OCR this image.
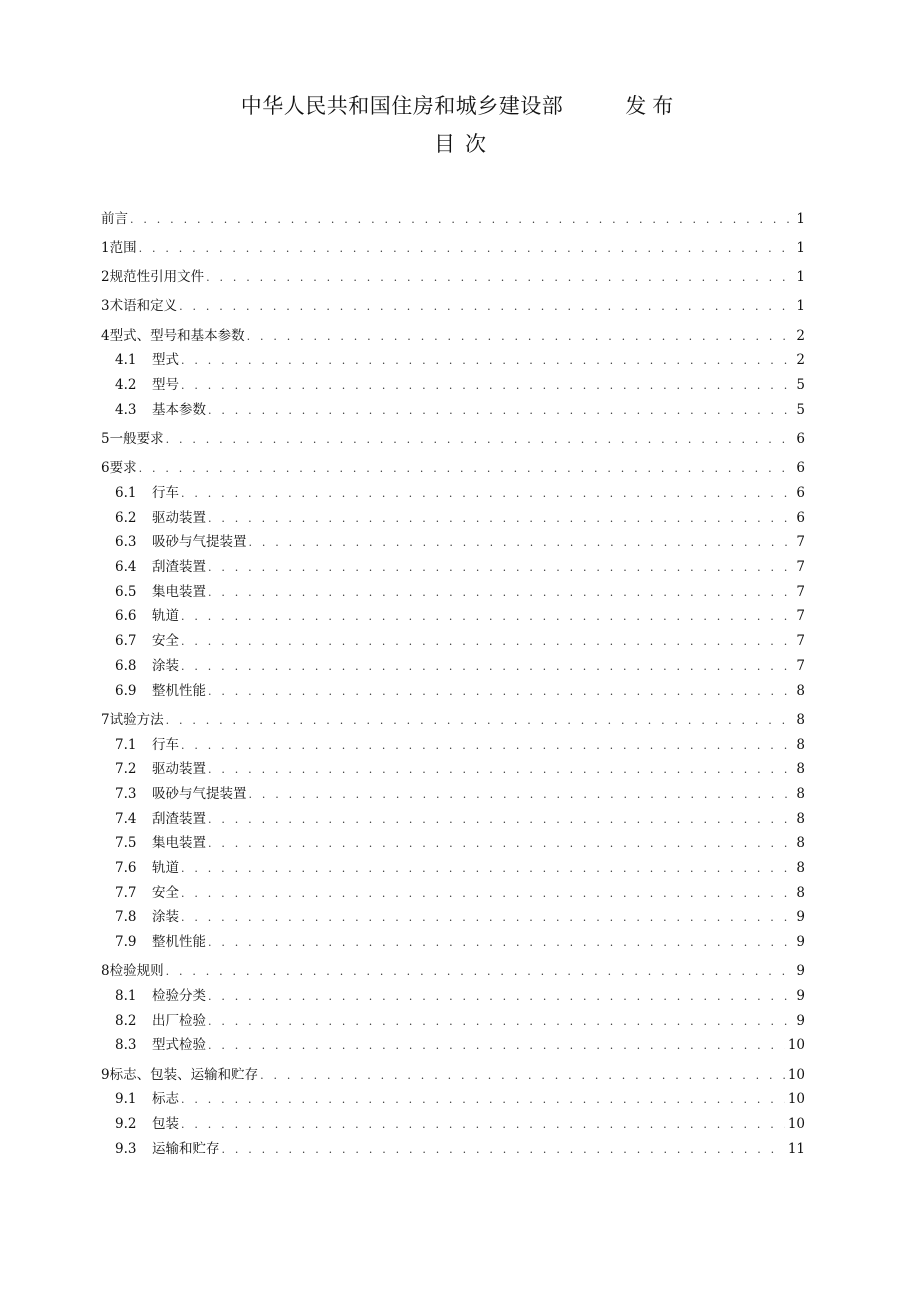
中华人民共和国住房和城乡建设部	发布
目次
前言 . . .	1
1 范围 . . .	1
2 规范性引用文件 . . .	1
3 术语和定义 . . .	1
4 型式、型号和基本参数 . . .	2
4.1	型式 . . .	2
4.2	型号 . . .	5
4.3	基本参数 . . .	5
5 一般要求 . . .	6
6 要求 . . .	6
6.1	行车 . . .	6
6.2	驱动装置 . . .	6
6.3	吸砂与气提装置 . . .	7
6.4	刮渣装置 . . .	7
6.5	集电装置 . . .	7
6.6	轨道 . . .	7
6.7	安全 . . .	7
6.8	涂装 . . .	7
6.9	整机性能 . . .	8
7 试验方法 . . .	8
7.1	行车 . . .	8
7.2	驱动装置 . . .	8
7.3	吸砂与气提装置 . . .	8
7.4	刮渣装置 . . .	8
7.5	集电装置 . . .	8
7.6	轨道 . . .	8
7.7	安全 . . .	8
7.8	涂装 . . .	9
7.9	整机性能 . . .	9
8 检验规则 . . .	9
8.1	检验分类 . . .	9
8.2	出厂检验 . . .	9
8.3	型式检验 . . .	10
9 标志、包装、运输和贮存 . . .	10
9.1	标志 . . .	10
9.2	包装 . . .	10
9.3	运输和贮存 . . .	11
